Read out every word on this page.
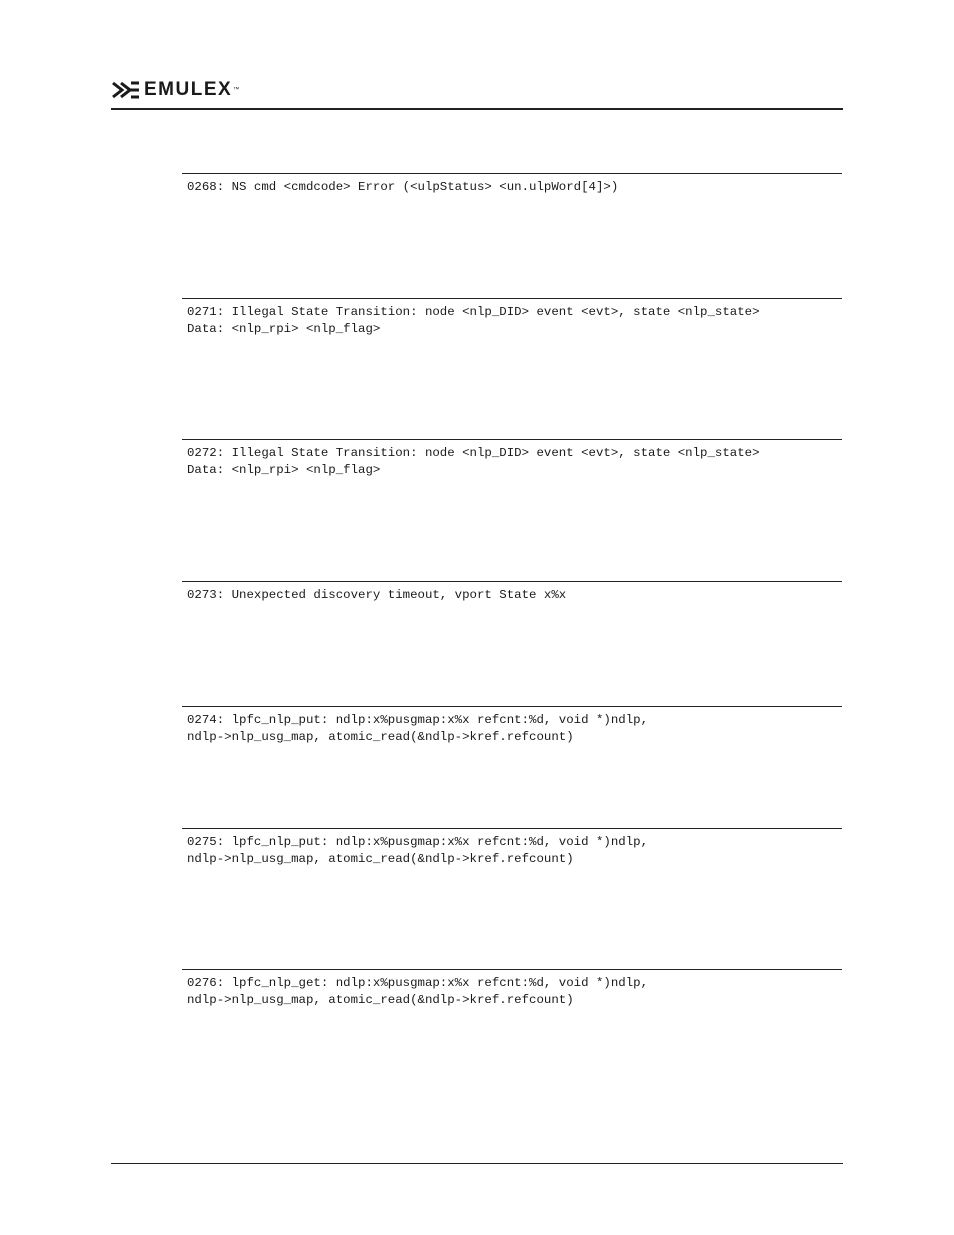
EMULEX ™
0268: NS cmd <cmdcode> Error (<ulpStatus> <un.ulpWord[4]>)
0271: Illegal State Transition: node <nlp_DID> event <evt>, state <nlp_state>
Data: <nlp_rpi> <nlp_flag>
0272: Illegal State Transition: node <nlp_DID> event <evt>, state <nlp_state>
Data: <nlp_rpi> <nlp_flag>
0273: Unexpected discovery timeout, vport State x%x
0274: lpfc_nlp_put: ndlp:x%pusgmap:x%x refcnt:%d, void *)ndlp,
ndlp->nlp_usg_map, atomic_read(&ndlp->kref.refcount)
0275: lpfc_nlp_put: ndlp:x%pusgmap:x%x refcnt:%d, void *)ndlp,
ndlp->nlp_usg_map, atomic_read(&ndlp->kref.refcount)
0276: lpfc_nlp_get: ndlp:x%pusgmap:x%x refcnt:%d, void *)ndlp,
ndlp->nlp_usg_map, atomic_read(&ndlp->kref.refcount)
